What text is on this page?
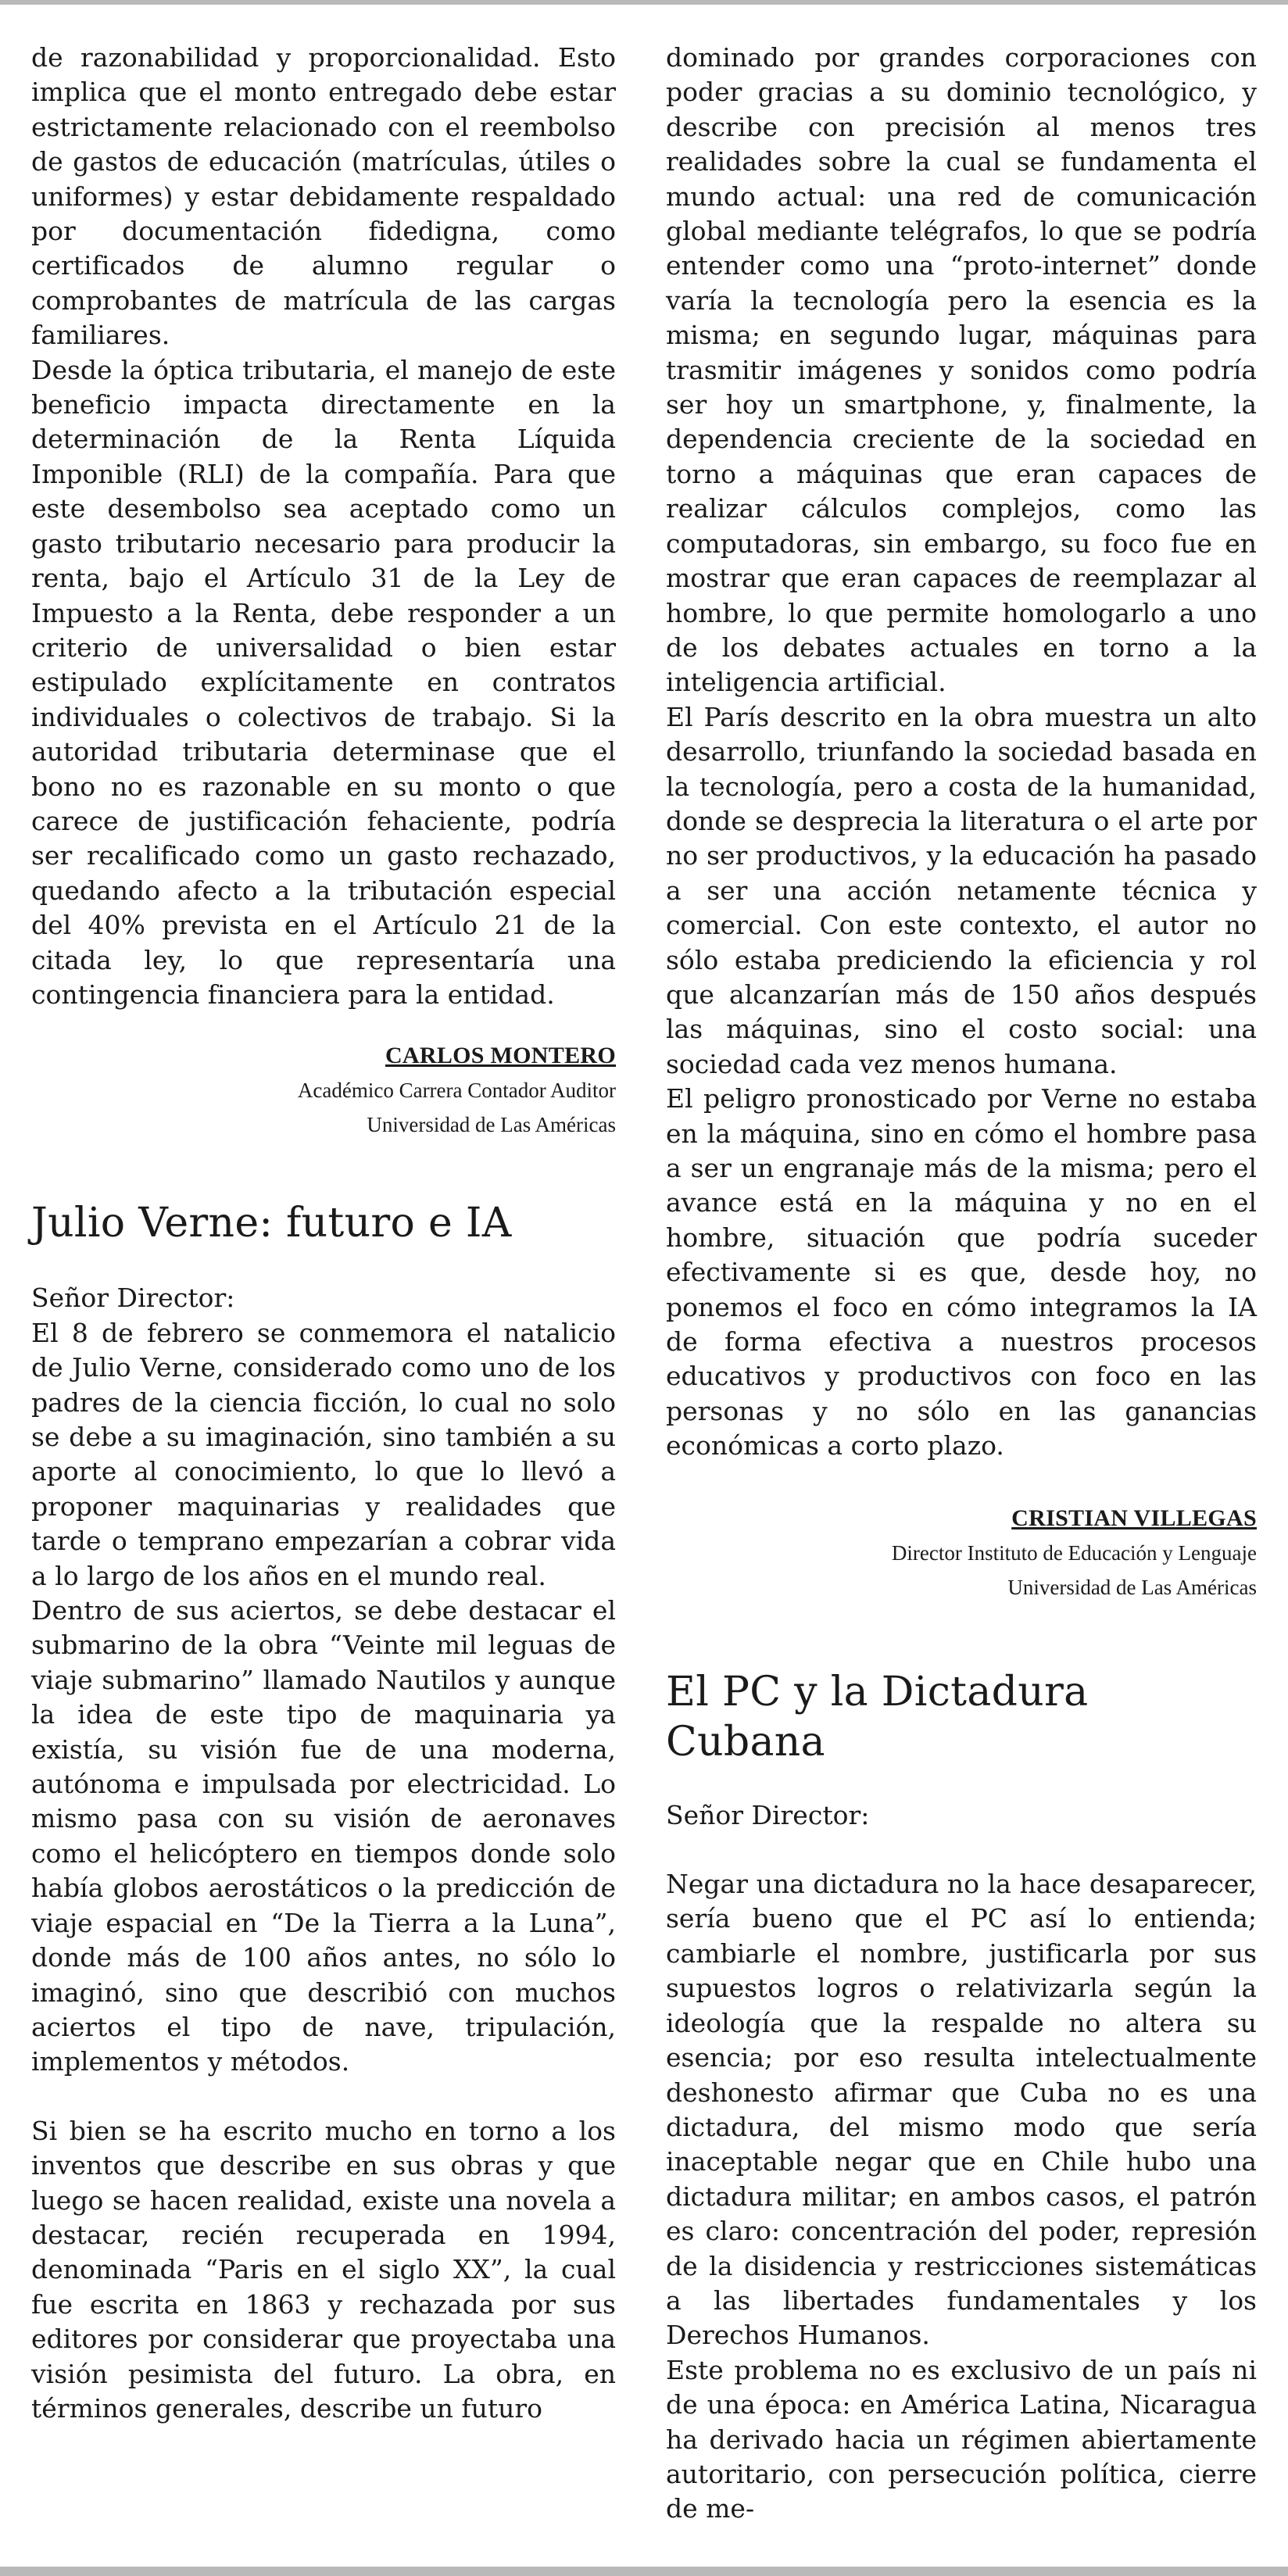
de razonabilidad y proporcionalidad. Esto implica que el monto entregado debe estar estrictamente relacionado con el reembolso de gastos de educación (matrículas, útiles o uniformes) y estar debidamente respaldado por documentación fidedigna, como certificados de alumno regular o comprobantes de matrícula de las cargas familiares.

Desde la óptica tributaria, el manejo de este beneficio impacta directamente en la determinación de la Renta Líquida Imponible (RLI) de la compañía. Para que este desembolso sea aceptado como un gasto tributario necesario para producir la renta, bajo el Artículo 31 de la Ley de Impuesto a la Renta, debe responder a un criterio de universalidad o bien estar estipulado explícitamente en contratos individuales o colectivos de trabajo. Si la autoridad tributaria determinase que el bono no es razonable en su monto o que carece de justificación fehaciente, podría ser recalificado como un gasto rechazado, quedando afecto a la tributación especial del 40% prevista en el Artículo 21 de la citada ley, lo que representaría una contingencia financiera para la entidad.

CARLOS MONTERO
Académico Carrera Contador Auditor
Universidad de Las Américas
Julio Verne: futuro e IA

Señor Director:

El 8 de febrero se conmemora el natalicio de Julio Verne, considerado como uno de los padres de la ciencia ficción, lo cual no solo se debe a su imaginación, sino también a su aporte al conocimiento, lo que lo llevó a proponer maquinarias y realidades que tarde o temprano empezarían a cobrar vida a lo largo de los años en el mundo real.

Dentro de sus aciertos, se debe destacar el submarino de la obra “Veinte mil leguas de viaje submarino” llamado Nautilos y aunque la idea de este tipo de maquinaria ya existía, su visión fue de una moderna, autónoma e impulsada por electricidad. Lo mismo pasa con su visión de aeronaves como el helicóptero en tiempos donde solo había globos aerostáticos o la predicción de viaje espacial en “De la Tierra a la Luna”, donde más de 100 años antes, no sólo lo imaginó, sino que describió con muchos aciertos el tipo de nave, tripulación, implementos y métodos.

Si bien se ha escrito mucho en torno a los inventos que describe en sus obras y que luego se hacen realidad, existe una novela a destacar, recién recuperada en 1994, denominada “Paris en el siglo XX”, la cual fue escrita en 1863 y rechazada por sus editores por considerar que proyectaba una visión pesimista del futuro. La obra, en términos generales, describe un futuro

dominado por grandes corporaciones con poder gracias a su dominio tecnológico, y describe con precisión al menos tres realidades sobre la cual se fundamenta el mundo actual: una red de comunicación global mediante telégrafos, lo que se podría entender como una “proto-internet” donde varía la tecnología pero la esencia es la misma; en segundo lugar, máquinas para trasmitir imágenes y sonidos como podría ser hoy un smartphone, y, finalmente, la dependencia creciente de la sociedad en torno a máquinas que eran capaces de realizar cálculos complejos, como las computadoras, sin embargo, su foco fue en mostrar que eran capaces de reemplazar al hombre, lo que permite homologarlo a uno de los debates actuales en torno a la inteligencia artificial.

El París descrito en la obra muestra un alto desarrollo, triunfando la sociedad basada en la tecnología, pero a costa de la humanidad, donde se desprecia la literatura o el arte por no ser productivos, y la educación ha pasado a ser una acción netamente técnica y comercial. Con este contexto, el autor no sólo estaba prediciendo la eficiencia y rol que alcanzarían más de 150 años después las máquinas, sino el costo social: una sociedad cada vez menos humana.

El peligro pronosticado por Verne no estaba en la máquina, sino en cómo el hombre pasa a ser un engranaje más de la misma; pero el avance está en la máquina y no en el hombre, situación que podría suceder efectivamente si es que, desde hoy, no ponemos el foco en cómo integramos la IA de forma efectiva a nuestros procesos educativos y productivos con foco en las personas y no sólo en las ganancias económicas a corto plazo.

CRISTIAN VILLEGAS
Director Instituto de Educación y Lenguaje
Universidad de Las Américas
El PC y la Dictadura Cubana

Señor Director:

Negar una dictadura no la hace desaparecer, sería bueno que el PC así lo entienda; cambiarle el nombre, justificarla por sus supuestos logros o relativizarla según la ideología que la respalde no altera su esencia; por eso resulta intelectualmente deshonesto afirmar que Cuba no es una dictadura, del mismo modo que sería inaceptable negar que en Chile hubo una dictadura militar; en ambos casos, el patrón es claro: concentración del poder, represión de la disidencia y restricciones sistemáticas a las libertades fundamentales y los Derechos Humanos.

Este problema no es exclusivo de un país ni de una época: en América Latina, Nicaragua ha derivado hacia un régimen abiertamente autoritario, con persecución política, cierre de me-
